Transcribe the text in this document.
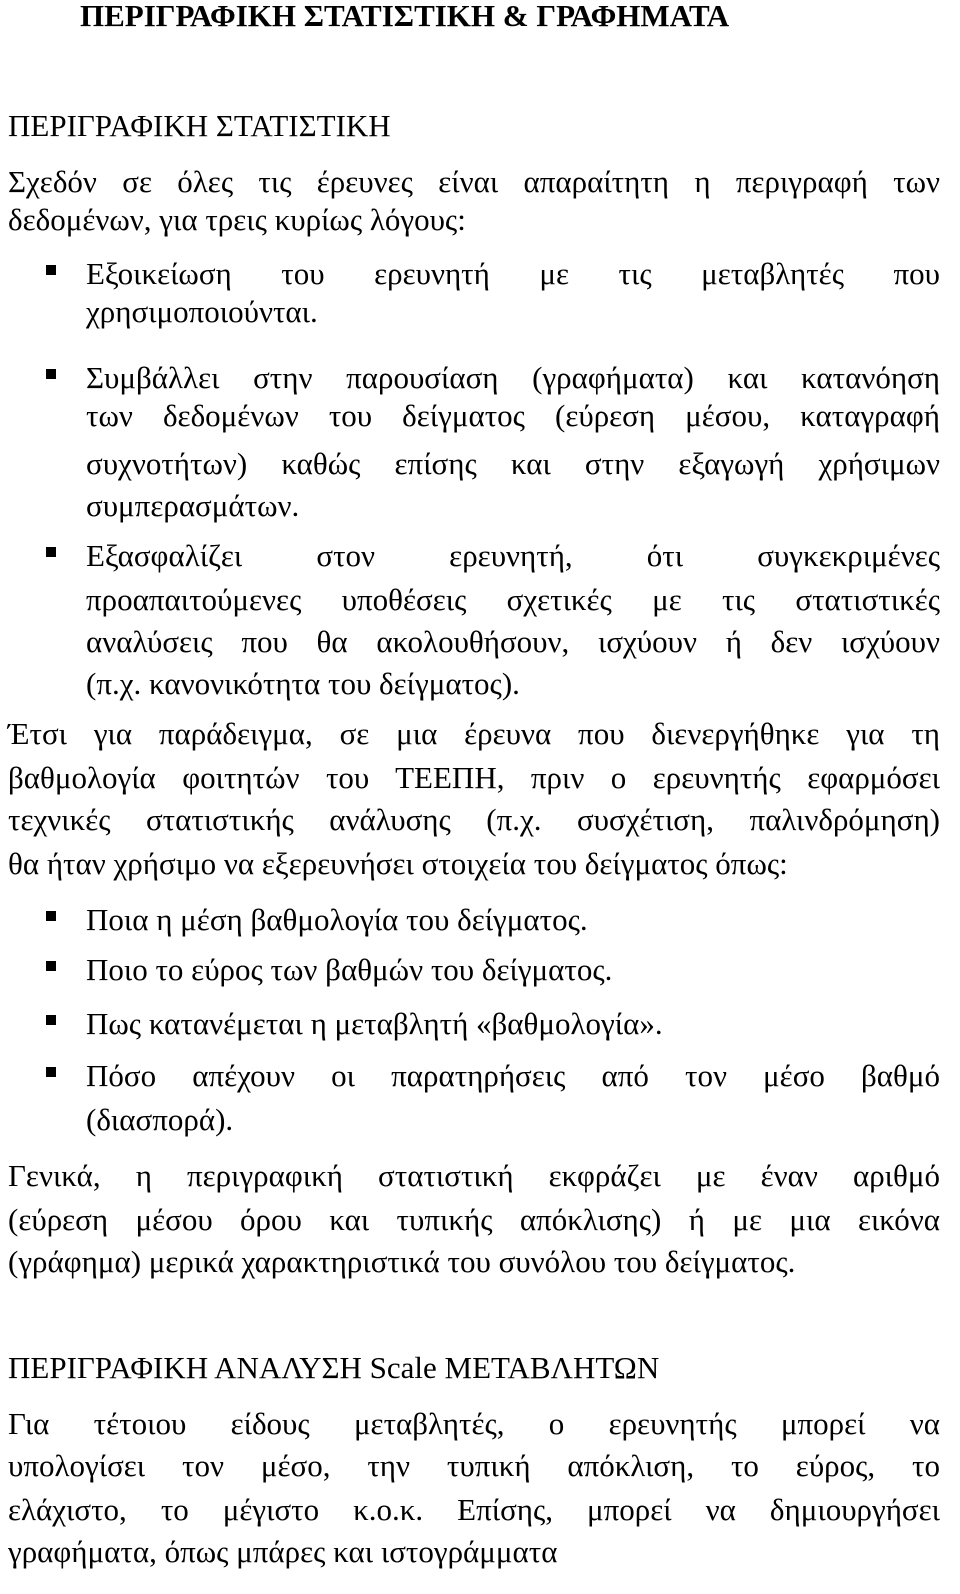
ΠΕΡΙΓΡΑΦΙΚΗ ΣΤΑΤΙΣΤΙΚΗ & ΓΡΑΦΗΜΑΤΑ
ΠΕΡΙΓΡΑΦΙΚΗ ΣΤΑΤΙΣΤΙΚΗ
Σχεδόν σε όλες τις έρευνες είναι απαραίτητη η περιγραφή των
δεδομένων, για τρεις κυρίως λόγους:
Εξοικείωση του ερευνητή με τις μεταβλητές που
χρησιμοποιούνται.
Συμβάλλει στην παρουσίαση (γραφήματα) και κατανόηση
των δεδομένων του δείγματος (εύρεση μέσου, καταγραφή
συχνοτήτων) καθώς επίσης και στην εξαγωγή χρήσιμων
συμπερασμάτων.
Εξασφαλίζει στον ερευνητή, ότι συγκεκριμένες
προαπαιτούμενες υποθέσεις σχετικές με τις στατιστικές
αναλύσεις που θα ακολουθήσουν, ισχύουν ή δεν ισχύουν
(π.χ. κανονικότητα του δείγματος).
Έτσι για παράδειγμα, σε μια έρευνα που διενεργήθηκε για τη
βαθμολογία φοιτητών του ΤΕΕΠΗ, πριν ο ερευνητής εφαρμόσει
τεχνικές στατιστικής ανάλυσης (π.χ. συσχέτιση, παλινδρόμηση)
θα ήταν χρήσιμο να εξερευνήσει στοιχεία του δείγματος όπως:
Ποια η μέση βαθμολογία του δείγματος.
Ποιο το εύρος των βαθμών του δείγματος.
Πως κατανέμεται η μεταβλητή «βαθμολογία».
Πόσο απέχουν οι παρατηρήσεις από τον μέσο βαθμό
(διασπορά).
Γενικά, η περιγραφική στατιστική εκφράζει με έναν αριθμό
(εύρεση μέσου όρου και τυπικής απόκλισης) ή με μια εικόνα
(γράφημα) μερικά χαρακτηριστικά του συνόλου του δείγματος.
ΠΕΡΙΓΡΑΦΙΚΗ ΑΝΑΛΥΣΗ Scale ΜΕΤΑΒΛΗΤΩΝ
Για τέτοιου είδους μεταβλητές, ο ερευνητής μπορεί να
υπολογίσει τον μέσο, την τυπική απόκλιση, το εύρος, το
ελάχιστο, το μέγιστο κ.ο.κ. Επίσης, μπορεί να δημιουργήσει
γραφήματα, όπως μπάρες και ιστογράμματα
